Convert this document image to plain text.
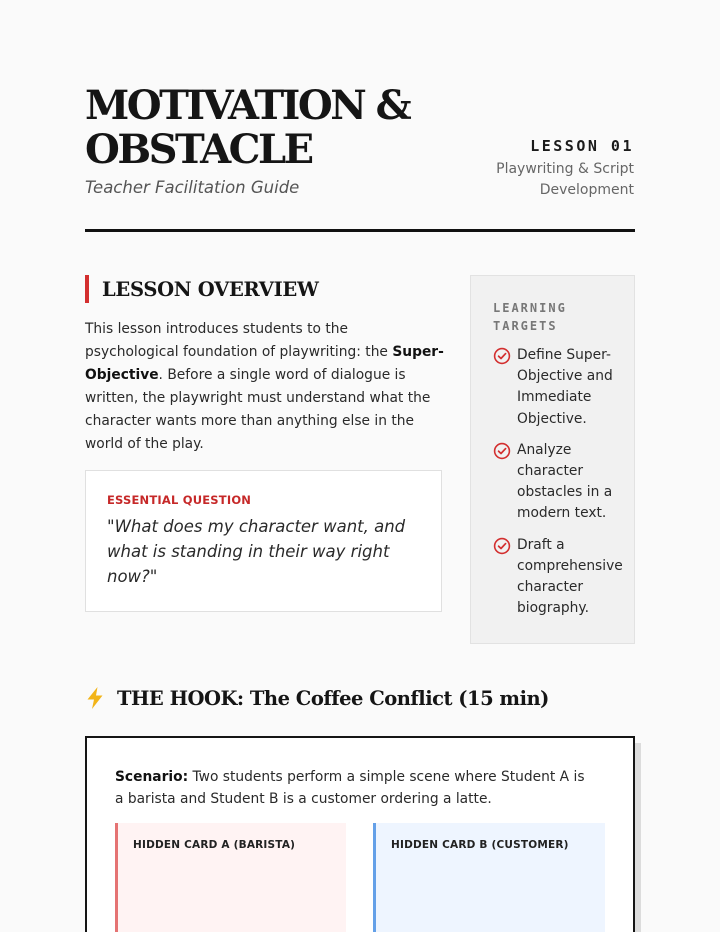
MOTIVATION & OBSTACLE
Teacher Facilitation Guide
LESSON 01
Playwriting & Script Development
LESSON OVERVIEW

This lesson introduces students to the psychological foundation of playwriting: the Super-Objective. Before a single word of dialogue is written, the playwright must understand what the character wants more than anything else in the world of the play.

ESSENTIAL QUESTION
"What does my character want, and what is standing in their way right now?"
LEARNING TARGETS
Define Super-Objective and Immediate Objective.
Analyze character obstacles in a modern text.
Draft a comprehensive character biography.
THE HOOK: The Coffee Conflict (15 min)

Scenario: Two students perform a simple scene where Student A is a barista and Student B is a customer ordering a latte.

HIDDEN CARD A (BARISTA)	HIDDEN CARD B (CUSTOMER)
